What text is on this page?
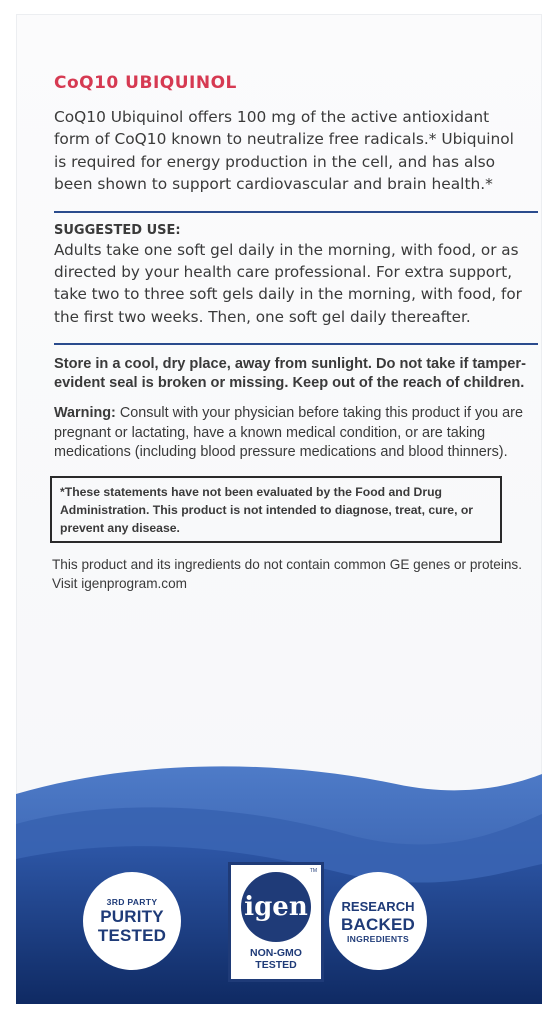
CoQ10 UBIQUINOL

CoQ10 Ubiquinol offers 100 mg of the active antioxidant form of CoQ10 known to neutralize free radicals.* Ubiquinol is required for energy production in the cell, and has also been shown to support cardiovascular and brain health.*

SUGGESTED USE:

Adults take one soft gel daily in the morning, with food, or as directed by your health care professional. For extra support, take two to three soft gels daily in the morning, with food, for the first two weeks. Then, one soft gel daily thereafter.

Store in a cool, dry place, away from sunlight. Do not take if tamper-evident seal is broken or missing. Keep out of the reach of children.

Warning: Consult with your physician before taking this product if you are pregnant or lactating, have a known medical condition, or are taking medications (including blood pressure medications and blood thinners).

*These statements have not been evaluated by the Food and Drug Administration. This product is not intended to diagnose, treat, cure, or prevent any disease.

This product and its ingredients do not contain common GE genes or proteins. Visit igenprogram.com

3RD PARTY
PURITY
TESTED
TM
igen
NON-GMO
TESTED
RESEARCH
BACKED
INGREDIENTS
